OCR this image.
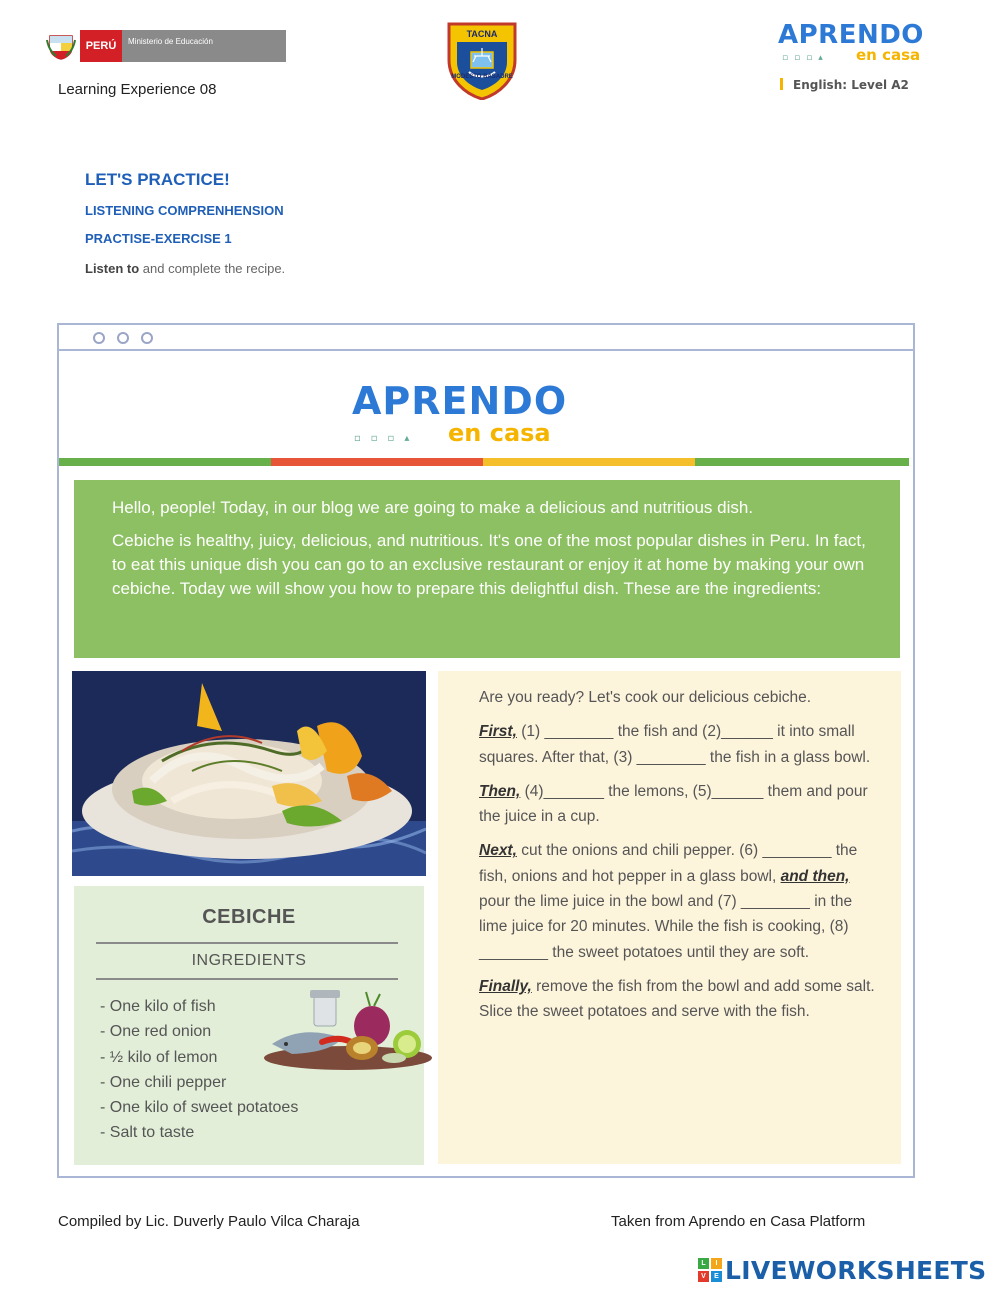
PERÚ	Ministerio de Educación
Learning Experience 08
TACNA
MODESTO BASADRE
APRENDO
▫▫▫▴ en casa
English: Level A2
LET'S PRACTICE!
LISTENING COMPRENHENSION
PRACTISE-EXERCISE 1
Listen to and complete the recipe.
APRENDO
▫▫▫▴ en casa

Hello, people! Today, in our blog we are going to make a delicious and nutritious dish.

Cebiche is healthy, juicy, delicious, and nutritious. It's one of the most popular dishes in Peru. In fact, to eat this unique dish you can go to an exclusive restaurant or enjoy it at home by making your own cebiche. Today we will show you how to prepare this delightful dish. These are the ingredients:

CEBICHE
INGREDIENTS
- One kilo of fish
- One red onion
- ½ kilo of lemon
- One chili pepper
- One kilo of sweet potatoes
- Salt to taste

Are you ready? Let's cook our delicious cebiche.

First, (1) ________ the fish and (2)______ it into small squares. After that, (3) ________ the fish in a glass bowl.

Then, (4)_______ the lemons, (5)______ them and pour the juice in a cup.

Next, cut the onions and chili pepper. (6) ________ the fish, onions and hot pepper in a glass bowl, and then, pour the lime juice in the bowl and (7) ________ in the lime juice for 20 minutes. While the fish is cooking, (8) ________ the sweet potatoes until they are soft.

Finally, remove the fish from the bowl and add some salt. Slice the sweet potatoes and serve with the fish.

Compiled by Lic. Duverly Paulo Vilca Charaja	Taken from Aprendo en Casa Platform
L	I
V	E LIVEWORKSHEETS
